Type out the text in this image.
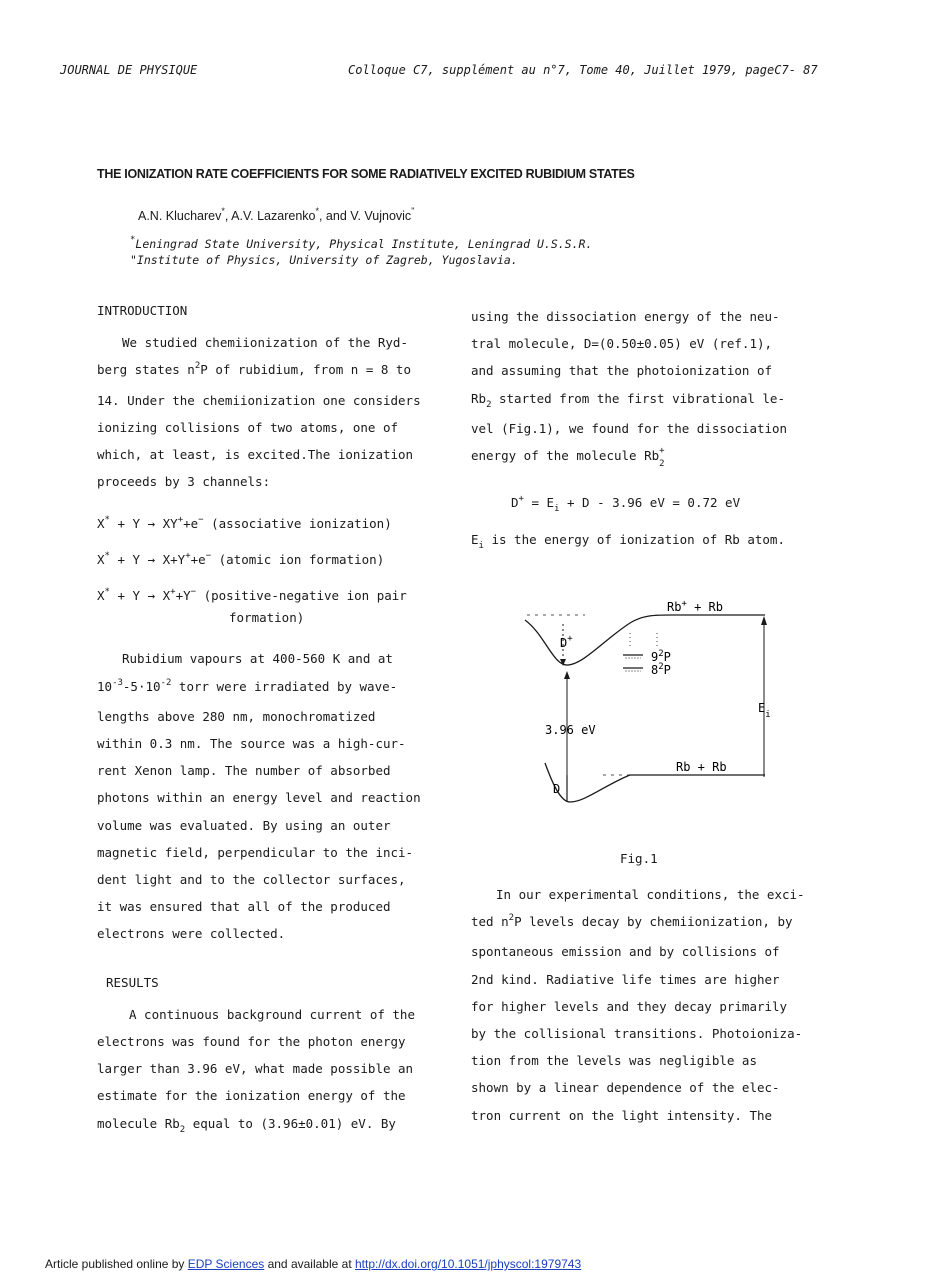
JOURNAL DE PHYSIQUE	Colloque C7, supplément au n°7, Tome 40, Juillet 1979, pageC7- 87
THE IONIZATION RATE COEFFICIENTS FOR SOME RADIATIVELY EXCITED RUBIDIUM STATES
A.N. Klucharev*, A.V. Lazarenko*, and V. Vujnovic"
*Leningrad State University, Physical Institute, Leningrad U.S.S.R.
"Institute of Physics, University of Zagreb, Yugoslavia.

INTRODUCTION

We studied chemiionization of the Ryd-

berg states $n^2P$ of rubidium, from n = 8 to

14. Under the chemiionization one considers

ionizing collisions of two atoms, one of

which, at least, is excited.The ionization

proceeds by 3 channels:

X* + Y → XY++e− (associative ionization)

X* + Y → X+Y++e− (atomic ion formation)

X* + Y → X++Y− (positive-negative ion pair

formation)

Rubidium vapours at 400-560 K and at

$10^{-3}-5\cdot 10^{-2}$ torr were irradiated by wave-

lengths above 280 nm, monochromatized

within 0.3 nm. The source was a high-cur-

rent Xenon lamp. The number of absorbed

photons within an energy level and reaction

volume was evaluated. By using an outer

magnetic field, perpendicular to the inci-

dent light and to the collector surfaces,

it was ensured that all of the produced

electrons were collected.

RESULTS

A continuous background current of the

electrons was found for the photon energy

larger than 3.96 eV, what made possible an

estimate for the ionization energy of the

molecule $Rb_2$ equal to (3.96±0.01) eV. By

using the dissociation energy of the neu-

tral molecule, D=(0.50±0.05) eV (ref.1),

and assuming that the photoionization of

$Rb_2$ started from the first vibrational le-

vel (Fig.1), we found for the dissociation

energy of the molecule Rb +
2

$D^+ = E_i + D - 3.96$ eV = 0.72 eV

$E_i$ is the energy of ionization of Rb atom.

Rb+ + Rb
D+
$9^2P$
$8^2P$
$E_i$
3.96 eV
Rb + Rb
D
Fig.1

In our experimental conditions, the exci-

ted $n^2P$ levels decay by chemiionization, by

spontaneous emission and by collisions of

2nd kind. Radiative life times are higher

for higher levels and they decay primarily

by the collisional transitions. Photoioniza-

tion from the levels was negligible as

shown by a linear dependence of the elec-

tron current on the light intensity. The

Article published online by EDP Sciences and available at http://dx.doi.org/10.1051/jphyscol:1979743
